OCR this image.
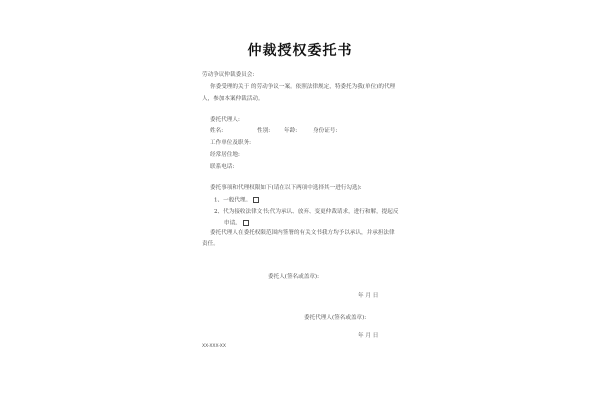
仲裁授权委托书
劳动争议仲裁委员会:
你委受理的关于 的劳动争议一案。依照法律规定，特委托为我(单位)的代理
人，参加本案仲裁活动。
委托代理人:
姓名:	性别: 年龄:	身份证号:
工作单位及职务:
经常居住地:
联系电话:
委托事项和代理权限如下(请在以下两项中选择其一进行勾选):
1、一般代理。
2、代为接收法律文书;代为承认、放弃、变更仲裁请求，进行和解，提起反
申请。
委托代理人在委托权限范围内签署的有关文书我方均予以承认，并承担法律
责任。
委托人(签名或盖章):
年 月 日
委托代理人(签名或盖章):
年 月 日
XX-XXX-XX
